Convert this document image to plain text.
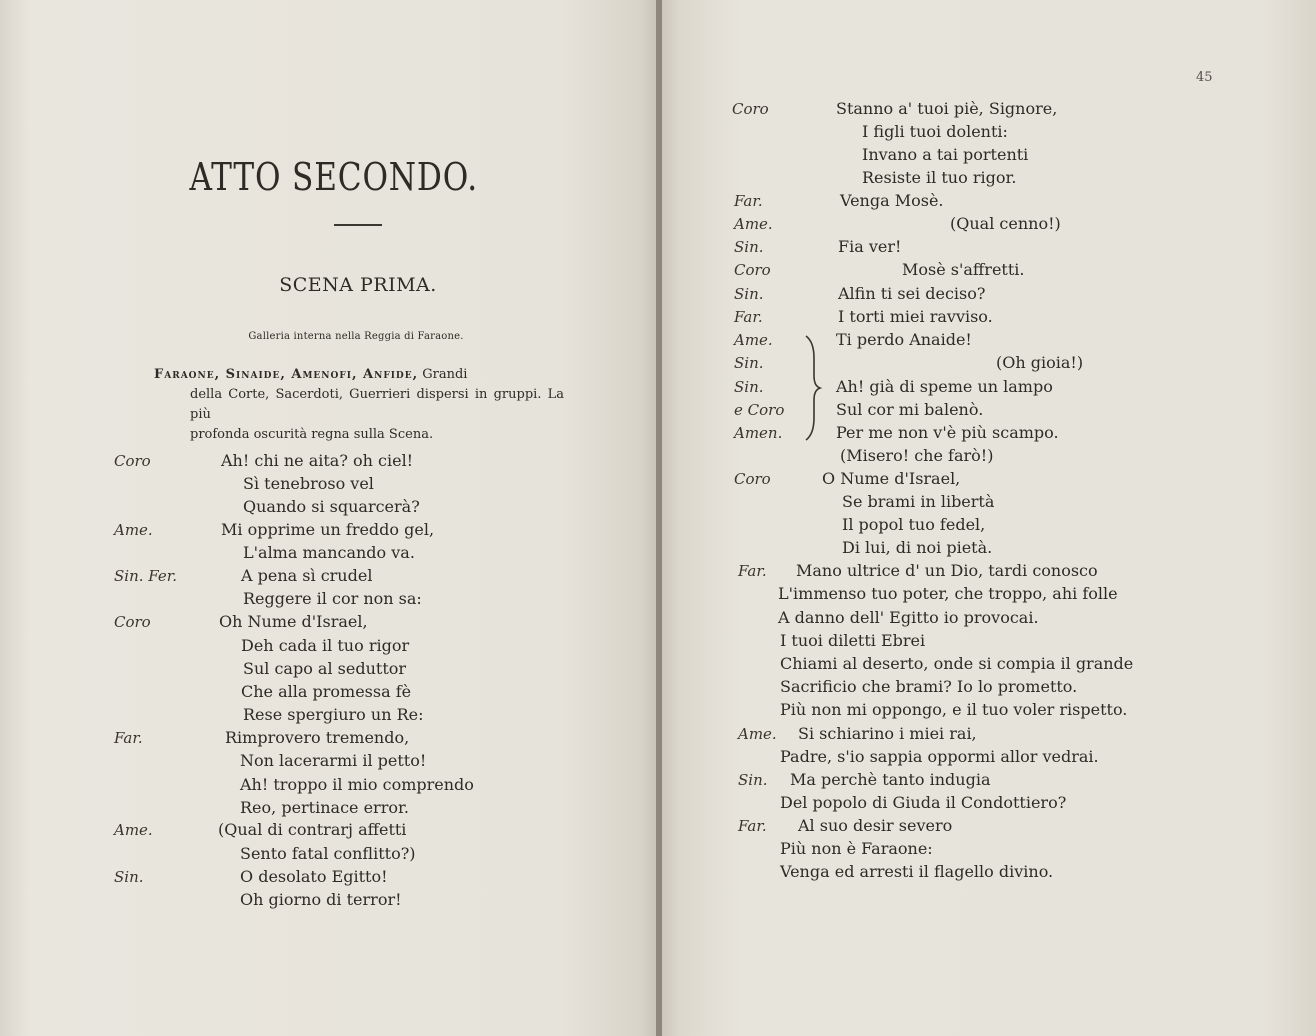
ATTO SECONDO.
SCENA PRIMA.
Galleria interna nella Reggia di Faraone.
Faraone, Sinaide, Amenofi, Anfide, Grandi
della Corte, Sacerdoti, Guerrieri dispersi in gruppi. La più
profonda oscurità regna sulla Scena.
Coro
Ame.
Sin. Fer.
Coro
Far.
Ame.
Sin.
Ah! chi ne aita? oh ciel!
Sì tenebroso vel
Quando si squarcerà?
Mi opprime un freddo gel,
L'alma mancando va.
A pena sì crudel
Reggere il cor non sa:
Oh Nume d'Israel,
Deh cada il tuo rigor
Sul capo al seduttor
Che alla promessa fè
Rese spergiuro un Re:
Rimprovero tremendo,
Non lacerarmi il petto!
Ah! troppo il mio comprendo
Reo, pertinace error.
(Qual di contrarj affetti
Sento fatal conflitto?)
O desolato Egitto!
Oh giorno di terror!
45
Coro
Far.
Ame.
Sin.
Coro
Sin.
Far.
Ame.
Sin.
Sin.
e Coro
Amen.
Coro
Far.
Ame.
Sin.
Far.
Stanno a' tuoi piè, Signore,
I figli tuoi dolenti:
Invano a tai portenti
Resiste il tuo rigor.
Venga Mosè.
(Qual cenno!)
Fia ver!
Mosè s'affretti.
Alfin ti sei deciso?
I torti miei ravviso.
Ti perdo Anaide!
(Oh gioia!)
Ah! già di speme un lampo
Sul cor mi balenò.
Per me non v'è più scampo.
(Misero! che farò!)
O Nume d'Israel,
Se brami in libertà
Il popol tuo fedel,
Di lui, di noi pietà.
Mano ultrice d' un Dio, tardi conosco
L'immenso tuo poter, che troppo, ahi folle
A danno dell' Egitto io provocai.
I tuoi diletti Ebrei
Chiami al deserto, onde si compia il grande
Sacrificio che brami? Io lo prometto.
Più non mi oppongo, e il tuo voler rispetto.
Si schiarino i miei rai,
Padre, s'io sappia oppormi allor vedrai.
Ma perchè tanto indugia
Del popolo di Giuda il Condottiero?
Al suo desir severo
Più non è Faraone:
Venga ed arresti il flagello divino.
